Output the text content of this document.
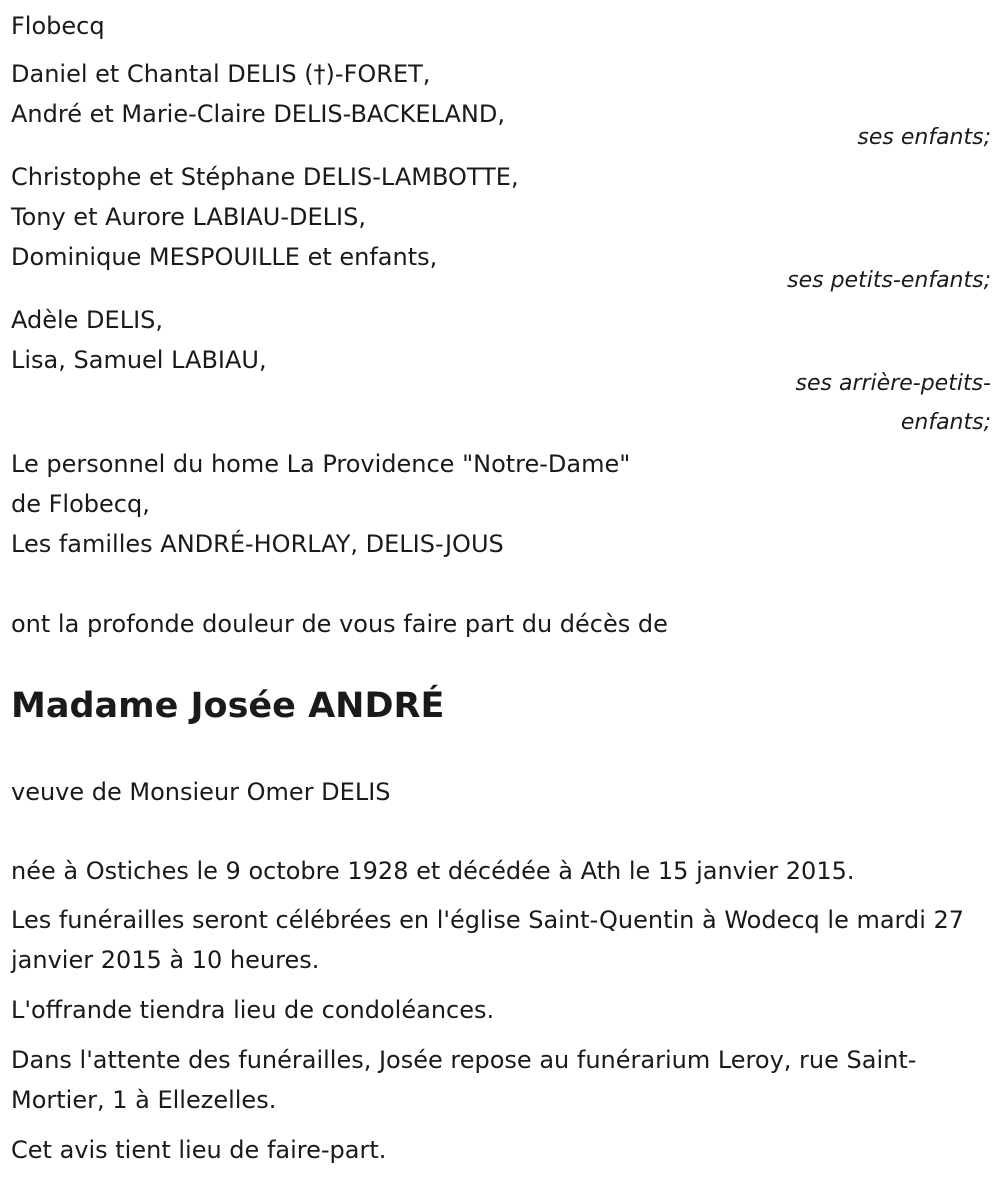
Flobecq
Daniel et Chantal DELIS (†)-FORET,
André et Marie-Claire DELIS-BACKELAND,
ses enfants;
Christophe et Stéphane DELIS-LAMBOTTE,
Tony et Aurore LABIAU-DELIS,
Dominique MESPOUILLE et enfants,
ses petits-enfants;
Adèle DELIS,
Lisa, Samuel LABIAU,
ses arrière-petits-
enfants;
Le personnel du home La Providence "Notre-Dame"
de Flobecq,
Les familles ANDRÉ-HORLAY, DELIS-JOUS
ont la profonde douleur de vous faire part du décès de
Madame Josée ANDRÉ
veuve de Monsieur Omer DELIS
née à Ostiches le 9 octobre 1928 et décédée à Ath le 15 janvier 2015.
Les funérailles seront célébrées en l'église Saint-Quentin à Wodecq le mardi 27 janvier 2015 à 10 heures.
L'offrande tiendra lieu de condoléances.
Dans l'attente des funérailles, Josée repose au funérarium Leroy, rue Saint-Mortier, 1 à Ellezelles.
Cet avis tient lieu de faire-part.
